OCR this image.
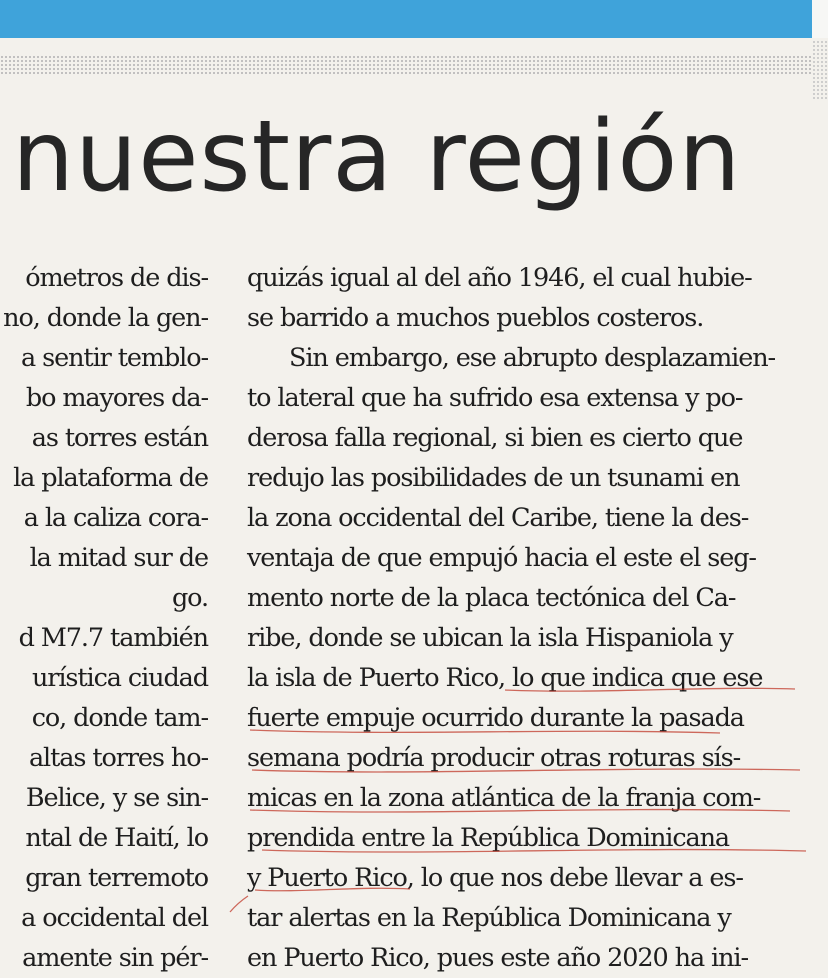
nuestra región
ómetros de dis-
no, donde la gen-
a sentir temblo-
bo mayores da-
as torres están
la plataforma de
a la caliza cora-
la mitad sur de
go.
d M7.7 también
urística ciudad
co, donde tam-
altas torres ho-
Belice, y se sin-
ntal de Haití, lo
gran terremoto
a occidental del
amente sin pér-
quizás igual al del año 1946, el cual hubie-
se barrido a muchos pueblos costeros.
Sin embargo, ese abrupto desplazamien-
to lateral que ha sufrido esa extensa y po-
derosa falla regional, si bien es cierto que
redujo las posibilidades de un tsunami en
la zona occidental del Caribe, tiene la des-
ventaja de que empujó hacia el este el seg-
mento norte de la placa tectónica del Ca-
ribe, donde se ubican la isla Hispaniola y
la isla de Puerto Rico, lo que indica que ese
fuerte empuje ocurrido durante la pasada
semana podría producir otras roturas sís-
micas en la zona atlántica de la franja com-
prendida entre la República Dominicana
y Puerto Rico, lo que nos debe llevar a es-
tar alertas en la República Dominicana y
en Puerto Rico, pues este año 2020 ha ini-
